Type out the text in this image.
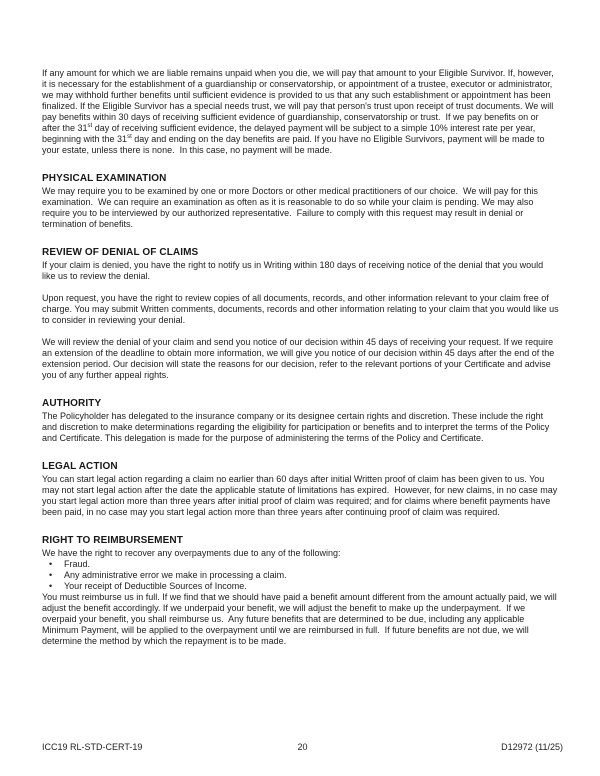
If any amount for which we are liable remains unpaid when you die, we will pay that amount to your Eligible Survivor. If, however, it is necessary for the establishment of a guardianship or conservatorship, or appointment of a trustee, executor or administrator, we may withhold further benefits until sufficient evidence is provided to us that any such establishment or appointment has been finalized. If the Eligible Survivor has a special needs trust, we will pay that person's trust upon receipt of trust documents. We will pay benefits within 30 days of receiving sufficient evidence of guardianship, conservatorship or trust.  If we pay benefits on or after the 31st day of receiving sufficient evidence, the delayed payment will be subject to a simple 10% interest rate per year, beginning with the 31st day and ending on the day benefits are paid. If you have no Eligible Survivors, payment will be made to your estate, unless there is none.  In this case, no payment will be made.

PHYSICAL EXAMINATION

We may require you to be examined by one or more Doctors or other medical practitioners of our choice.  We will pay for this examination.  We can require an examination as often as it is reasonable to do so while your claim is pending. We may also require you to be interviewed by our authorized representative.  Failure to comply with this request may result in denial or termination of benefits.

REVIEW OF DENIAL OF CLAIMS

If your claim is denied, you have the right to notify us in Writing within 180 days of receiving notice of the denial that you would like us to review the denial.

Upon request, you have the right to review copies of all documents, records, and other information relevant to your claim free of charge. You may submit Written comments, documents, records and other information relating to your claim that you would like us to consider in reviewing your denial.

We will review the denial of your claim and send you notice of our decision within 45 days of receiving your request. If we require an extension of the deadline to obtain more information, we will give you notice of our decision within 45 days after the end of the extension period. Our decision will state the reasons for our decision, refer to the relevant portions of your Certificate and advise you of any further appeal rights.

AUTHORITY

The Policyholder has delegated to the insurance company or its designee certain rights and discretion. These include the right and discretion to make determinations regarding the eligibility for participation or benefits and to interpret the terms of the Policy and Certificate. This delegation is made for the purpose of administering the terms of the Policy and Certificate.

LEGAL ACTION

You can start legal action regarding a claim no earlier than 60 days after initial Written proof of claim has been given to us. You may not start legal action after the date the applicable statute of limitations has expired.  However, for new claims, in no case may you start legal action more than three years after initial proof of claim was required; and for claims where benefit payments have been paid, in no case may you start legal action more than three years after continuing proof of claim was required.

RIGHT TO REIMBURSEMENT

We have the right to recover any overpayments due to any of the following:

•	Fraud.
•	Any administrative error we make in processing a claim.
•	Your receipt of Deductible Sources of Income.

You must reimburse us in full. If we find that we should have paid a benefit amount different from the amount actually paid, we will adjust the benefit accordingly. If we underpaid your benefit, we will adjust the benefit to make up the underpayment.  If we overpaid your benefit, you shall reimburse us.  Any future benefits that are determined to be due, including any applicable Minimum Payment, will be applied to the overpayment until we are reimbursed in full.  If future benefits are not due, we will determine the method by which the repayment is to be made.

ICC19 RL-STD-CERT-19	20	D12972 (11/25)
